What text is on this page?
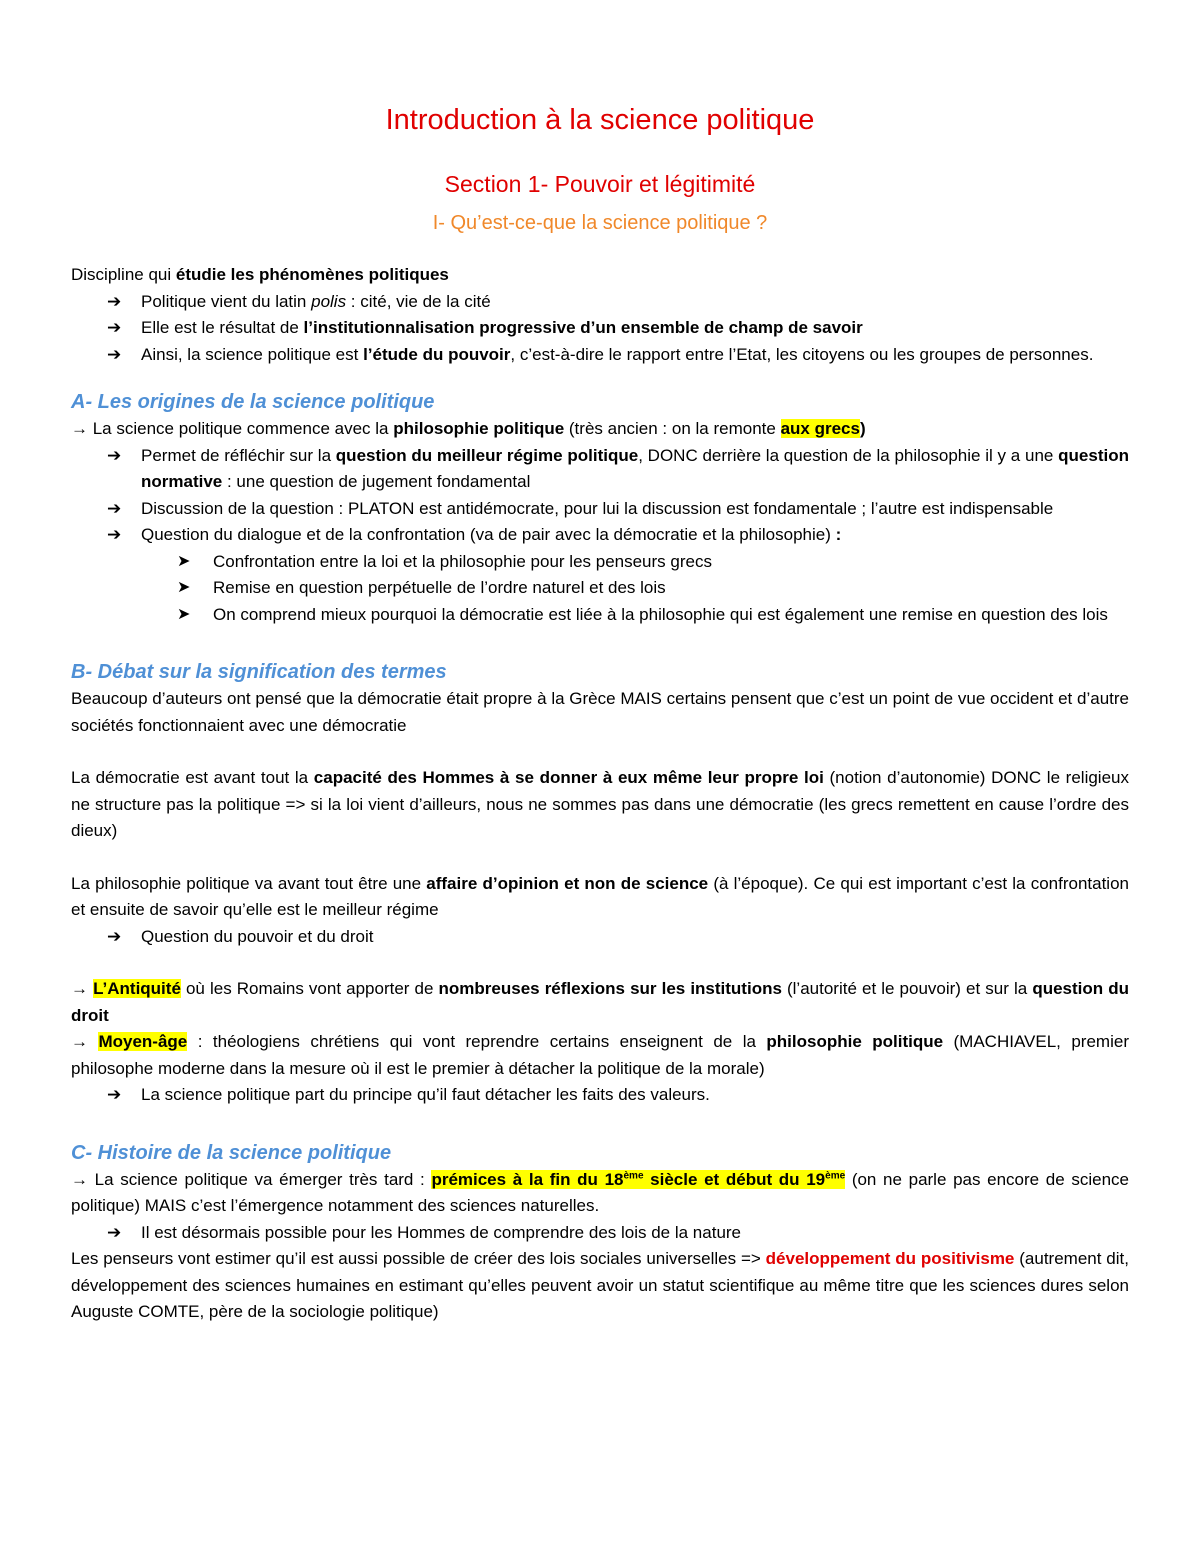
Introduction à la science politique
Section 1- Pouvoir et légitimité
I- Qu’est-ce-que la science politique ?

Discipline qui étudie les phénomènes politiques

➔ Politique vient du latin polis : cité, vie de la cité
➔ Elle est le résultat de l’institutionnalisation progressive d’un ensemble de champ de savoir
➔ Ainsi, la science politique est l’étude du pouvoir, c’est-à-dire le rapport entre l’Etat, les citoyens ou les groupes de personnes.
A- Les origines de la science politique

→ La science politique commence avec la philosophie politique (très ancien : on la remonte aux grecs)

➔ Permet de réfléchir sur la question du meilleur régime politique, DONC derrière la question de la philosophie il y a une question normative : une question de jugement fondamental
➔ Discussion de la question : PLATON est antidémocrate, pour lui la discussion est fondamentale ; l’autre est indispensable
➔ Question du dialogue et de la confrontation (va de pair avec la démocratie et la philosophie) :
➤ Confrontation entre la loi et la philosophie pour les penseurs grecs
➤ Remise en question perpétuelle de l’ordre naturel et des lois
➤ On comprend mieux pourquoi la démocratie est liée à la philosophie qui est également une remise en question des lois
B- Débat sur la signification des termes

Beaucoup d’auteurs ont pensé que la démocratie était propre à la Grèce MAIS certains pensent que c’est un point de vue occident et d’autre sociétés fonctionnaient avec une démocratie

La démocratie est avant tout la capacité des Hommes à se donner à eux même leur propre loi (notion d’autonomie) DONC le religieux ne structure pas la politique => si la loi vient d’ailleurs, nous ne sommes pas dans une démocratie (les grecs remettent en cause l’ordre des dieux)

La philosophie politique va avant tout être une affaire d’opinion et non de science (à l’époque). Ce qui est important c’est la confrontation et ensuite de savoir qu’elle est le meilleur régime

➔ Question du pouvoir et du droit

→ L’Antiquité où les Romains vont apporter de nombreuses réflexions sur les institutions (l’autorité et le pouvoir) et sur la question du droit

→ Moyen-âge : théologiens chrétiens qui vont reprendre certains enseignent de la philosophie politique (MACHIAVEL, premier philosophe moderne dans la mesure où il est le premier à détacher la politique de la morale)

➔ La science politique part du principe qu’il faut détacher les faits des valeurs.
C- Histoire de la science politique

→ La science politique va émerger très tard : prémices à la fin du 18ème siècle et début du 19ème (on ne parle pas encore de science politique) MAIS c’est l’émergence notamment des sciences naturelles.

➔ Il est désormais possible pour les Hommes de comprendre des lois de la nature

Les penseurs vont estimer qu’il est aussi possible de créer des lois sociales universelles => développement du positivisme (autrement dit, développement des sciences humaines en estimant qu’elles peuvent avoir un statut scientifique au même titre que les sciences dures selon Auguste COMTE, père de la sociologie politique)
